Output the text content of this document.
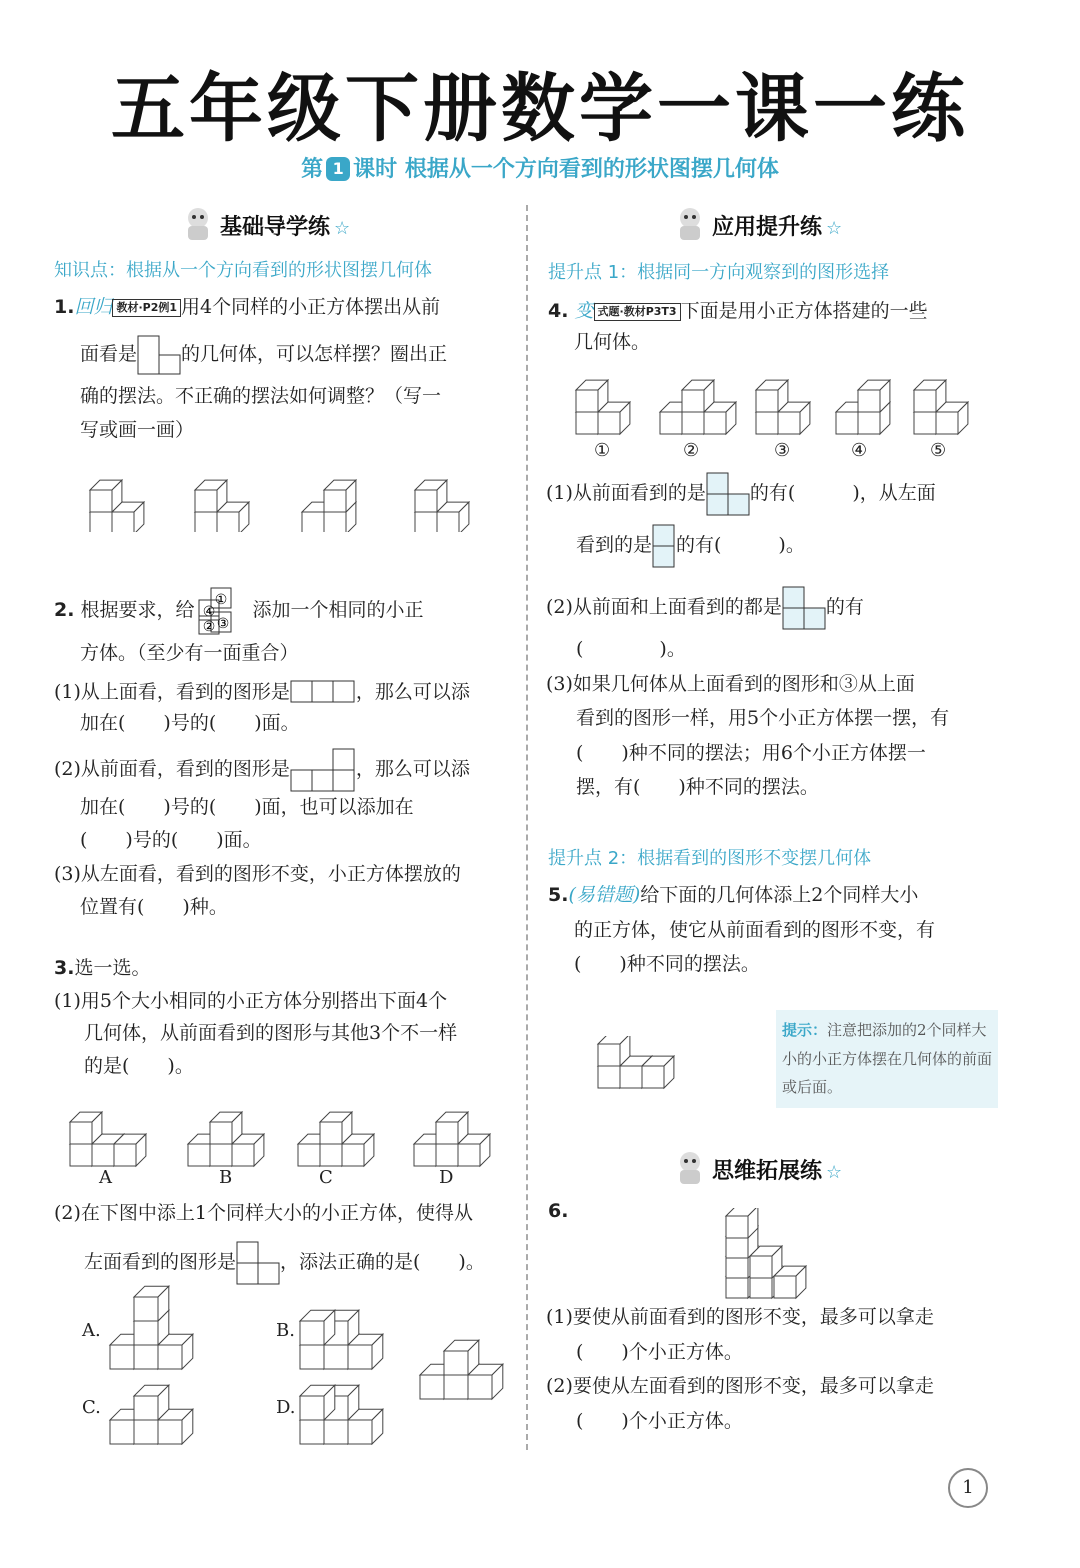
五年级下册数学一课一练
第 1 课时 根据从一个方向看到的形状图摆几何体
基础导学练 ☆
知识点：根据从一个方向看到的形状图摆几何体
1.回归 教材·P2例1 用4个同样的小正方体摆出从前
面看是 的几何体，可以怎样摆？圈出正
确的摆法。不正确的摆法如何调整？（写一
写或画一画）
2. 根据要求，给 ①
④
② ③
添加一个相同的小正
方体。（至少有一面重合）
(1)从上面看，看到的图形是	，那么可以添
加在(　　)号的(　　)面。
(2)从前面看，看到的图形是	，那么可以添
加在(　　)号的(　　)面，也可以添加在
(　　)号的(　　)面。
(3)从左面看，看到的图形不变，小正方体摆放的
位置有(　　)种。
3.选一选。
(1)用5个大小相同的小正方体分别搭出下面4个
几何体，从前面看到的图形与其他3个不一样
的是(　　)。
A	B	C	D
(2)在下图中添上1个同样大小的小正方体，使得从
左面看到的图形是 ，添法正确的是(　　)。
A.	B.
C.	D.
应用提升练 ☆
提升点 1：根据同一方向观察到的图形选择
4. 变 式题·教材P3T3 下面是用小正方体搭建的一些
几何体。
①	②	③	④	⑤
(1)从前面看到的是 的有(　　　)，从左面
看到的是 的有(　　　)。
(2)从前面和上面看到的都是 的有
(　　　　)。
(3)如果几何体从上面看到的图形和③从上面
看到的图形一样，用5个小正方体摆一摆，有
(　　)种不同的摆法；用6个小正方体摆一
摆，有(　　)种不同的摆法。
提升点 2：根据看到的图形不变摆几何体
5.(易错题)给下面的几何体添上2个同样大小
的正方体，使它从前面看到的图形不变，有
(　　)种不同的摆法。
提示：注意把添加的2个同样大小的小正方体摆在几何体的前面或后面。
思维拓展练 ☆
6.
(1)要使从前面看到的图形不变，最多可以拿走
(　　)个小正方体。
(2)要使从左面看到的图形不变，最多可以拿走
(　　)个小正方体。
1
